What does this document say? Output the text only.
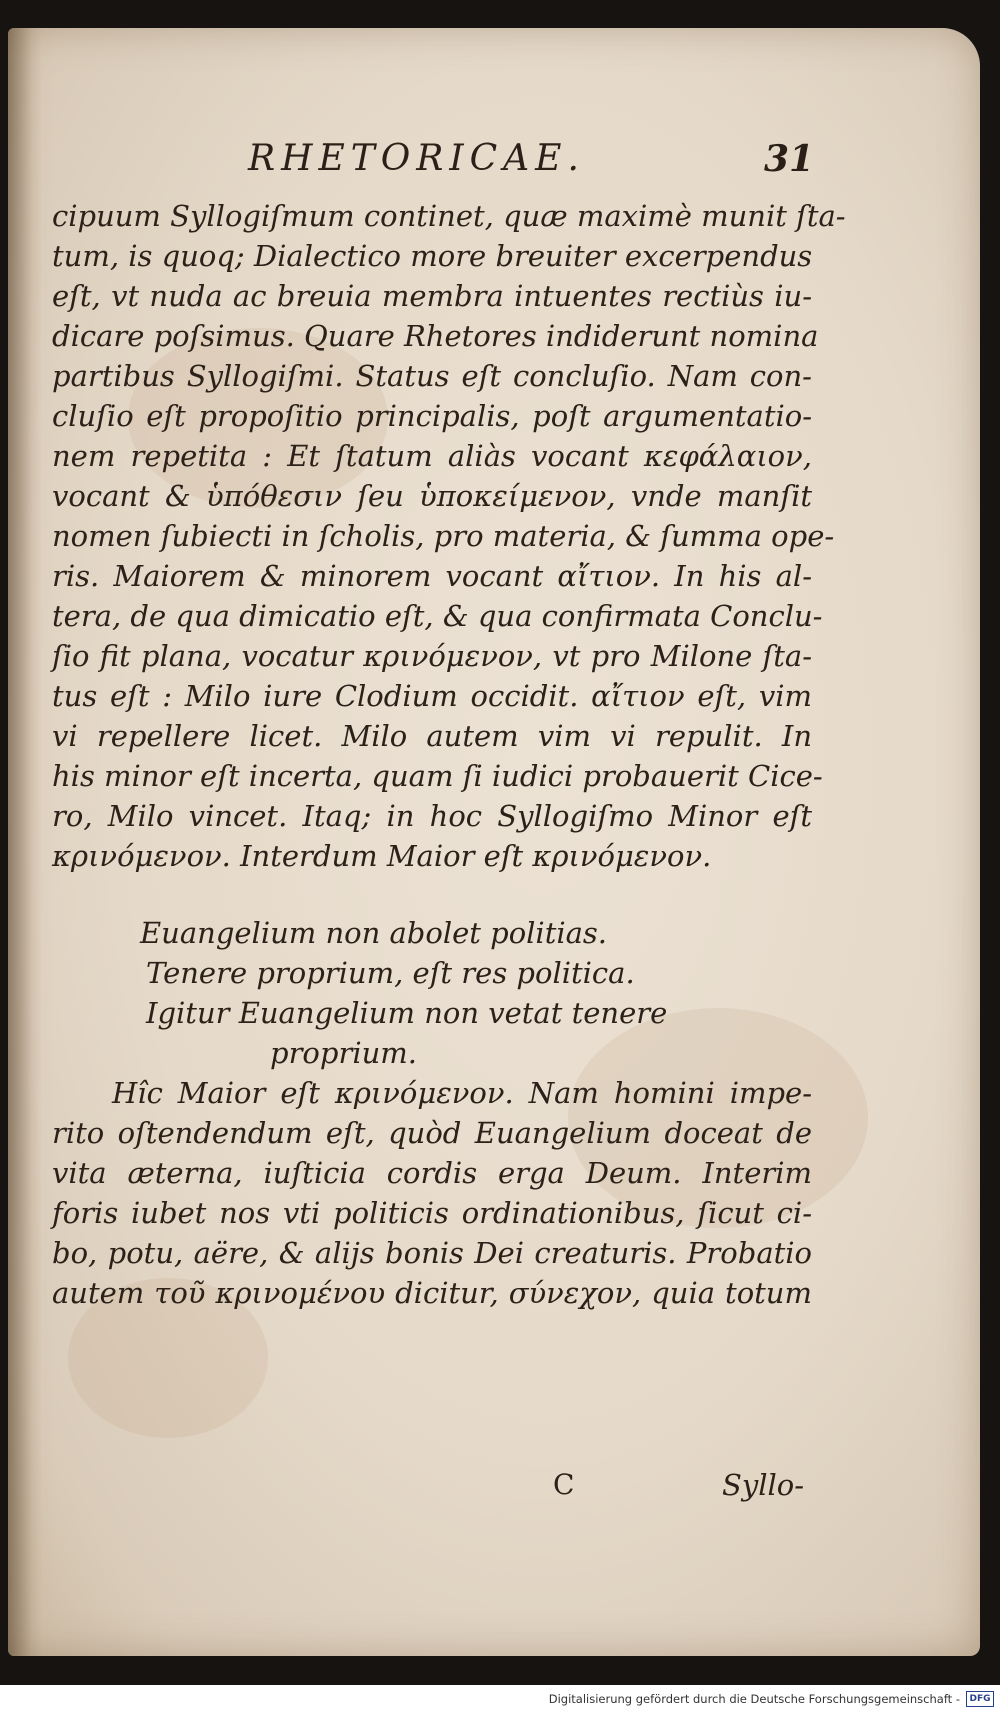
RHETORICAE.	31
cipuum Syllogiſmum continet, quæ maximè munit ſta-
tum, is quoq; Dialectico more breuiter excerpendus
eſt, vt nuda ac breuia membra intuentes rectiùs iu-
dicare poſsimus. Quare Rhetores indiderunt nomina
partibus Syllogiſmi. Status eſt concluſio. Nam con-
cluſio eſt propoſitio principalis, poſt argumentatio-
nem repetita : Et ſtatum aliàs vocant κεφάλαιον,
vocant & ὑπόθεσιν ſeu ὑποκείμενον, vnde manſit
nomen ſubiecti in ſcholis, pro materia, & ſumma ope-
ris. Maiorem & minorem vocant αἴτιον. In his al-
tera, de qua dimicatio eſt, & qua confirmata Conclu-
ſio fit plana, vocatur κρινόμενον, vt pro Milone ſta-
tus eſt : Milo iure Clodium occidit. αἴτιον eſt, vim
vi repellere licet. Milo autem vim vi repulit. In
his minor eſt incerta, quam ſi iudici probauerit Cice-
ro, Milo vincet. Itaq; in hoc Syllogiſmo Minor eſt
κρινόμενον. Interdum Maior eſt κρινόμενον.
Euangelium non abolet politias.
Tenere proprium, eſt res politica.
Igitur Euangelium non vetat tenere
proprium.
Hîc Maior eſt κρινόμενον. Nam homini impe-
rito oſtendendum eſt, quòd Euangelium doceat de
vita æterna, iuſticia cordis erga Deum. Interim
foris iubet nos vti politicis ordinationibus, ſicut ci-
bo, potu, aëre, & alijs bonis Dei creaturis. Probatio
autem τοῦ κρινομένου dicitur, σύνεχον, quia totum
C	Syllo-
Digitalisierung gefördert durch die Deutsche Forschungsgemeinschaft -	DFG
